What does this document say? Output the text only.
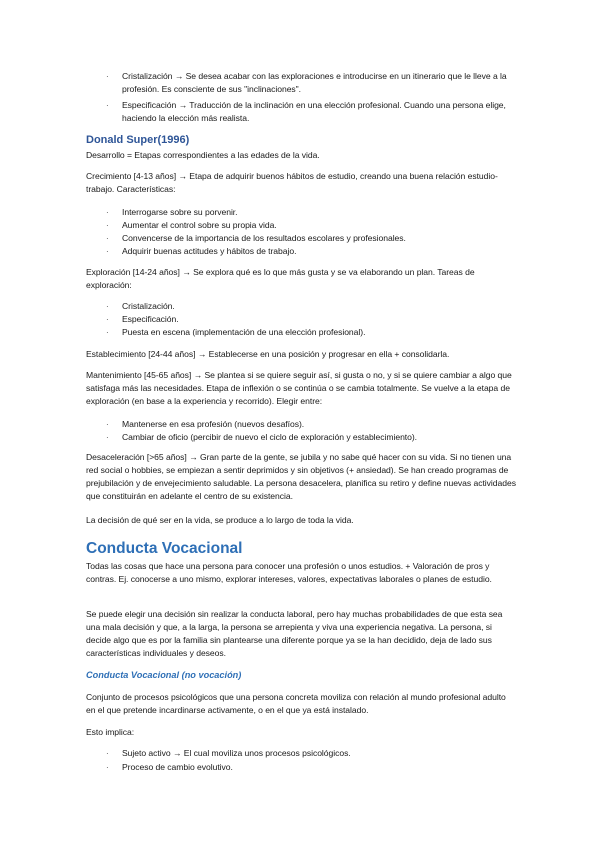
· Cristalización → Se desea acabar con las exploraciones e introducirse en un itinerario que le lleve a la profesión. Es consciente de sus "inclinaciones".

· Especificación → Traducción de la inclinación en una elección profesional. Cuando una persona elige, haciendo la elección más realista.

Donald Super(1996)

Desarrollo = Etapas correspondientes a las edades de la vida.

Crecimiento [4-13 años] → Etapa de adquirir buenos hábitos de estudio, creando una buena relación estudio-trabajo. Características:

· Interrogarse sobre su porvenir.

· Aumentar el control sobre su propia vida.

· Convencerse de la importancia de los resultados escolares y profesionales.

· Adquirir buenas actitudes y hábitos de trabajo.

Exploración [14-24 años] → Se explora qué es lo que más gusta y se va elaborando un plan. Tareas de exploración:

· Cristalización.

· Especificación.

· Puesta en escena (implementación de una elección profesional).

Establecimiento [24-44 años] → Establecerse en una posición y progresar en ella + consolidarla.

Mantenimiento [45-65 años] → Se plantea si se quiere seguir así, si gusta o no, y si se quiere cambiar a algo que satisfaga más las necesidades. Etapa de inflexión o se continúa o se cambia totalmente. Se vuelve a la etapa de exploración (en base a la experiencia y recorrido). Elegir entre:

· Mantenerse en esa profesión (nuevos desafíos).

· Cambiar de oficio (percibir de nuevo el ciclo de exploración y establecimiento).

Desaceleración [>65 años] → Gran parte de la gente, se jubila y no sabe qué hacer con su vida. Si no tienen una red social o hobbies, se empiezan a sentir deprimidos y sin objetivos (+ ansiedad). Se han creado programas de prejubilación y de envejecimiento saludable. La persona desacelera, planifica su retiro y define nuevas actividades que constituirán en adelante el centro de su existencia.

La decisión de qué ser en la vida, se produce a lo largo de toda la vida.

Conducta Vocacional

Todas las cosas que hace una persona para conocer una profesión o unos estudios. + Valoración de pros y contras. Ej. conocerse a uno mismo, explorar intereses, valores, expectativas laborales o planes de estudio.

Se puede elegir una decisión sin realizar la conducta laboral, pero hay muchas probabilidades de que esta sea una mala decisión y que, a la larga, la persona se arrepienta y viva una experiencia negativa. La persona, si decide algo que es por la familia sin plantearse una diferente porque ya se la han decidido, deja de lado sus características individuales y deseos.

Conducta Vocacional (no vocación)

Conjunto de procesos psicológicos que una persona concreta moviliza con relación al mundo profesional adulto en el que pretende incardinarse activamente, o en el que ya está instalado.

Esto implica:

· Sujeto activo → El cual moviliza unos procesos psicológicos.

· Proceso de cambio evolutivo.
